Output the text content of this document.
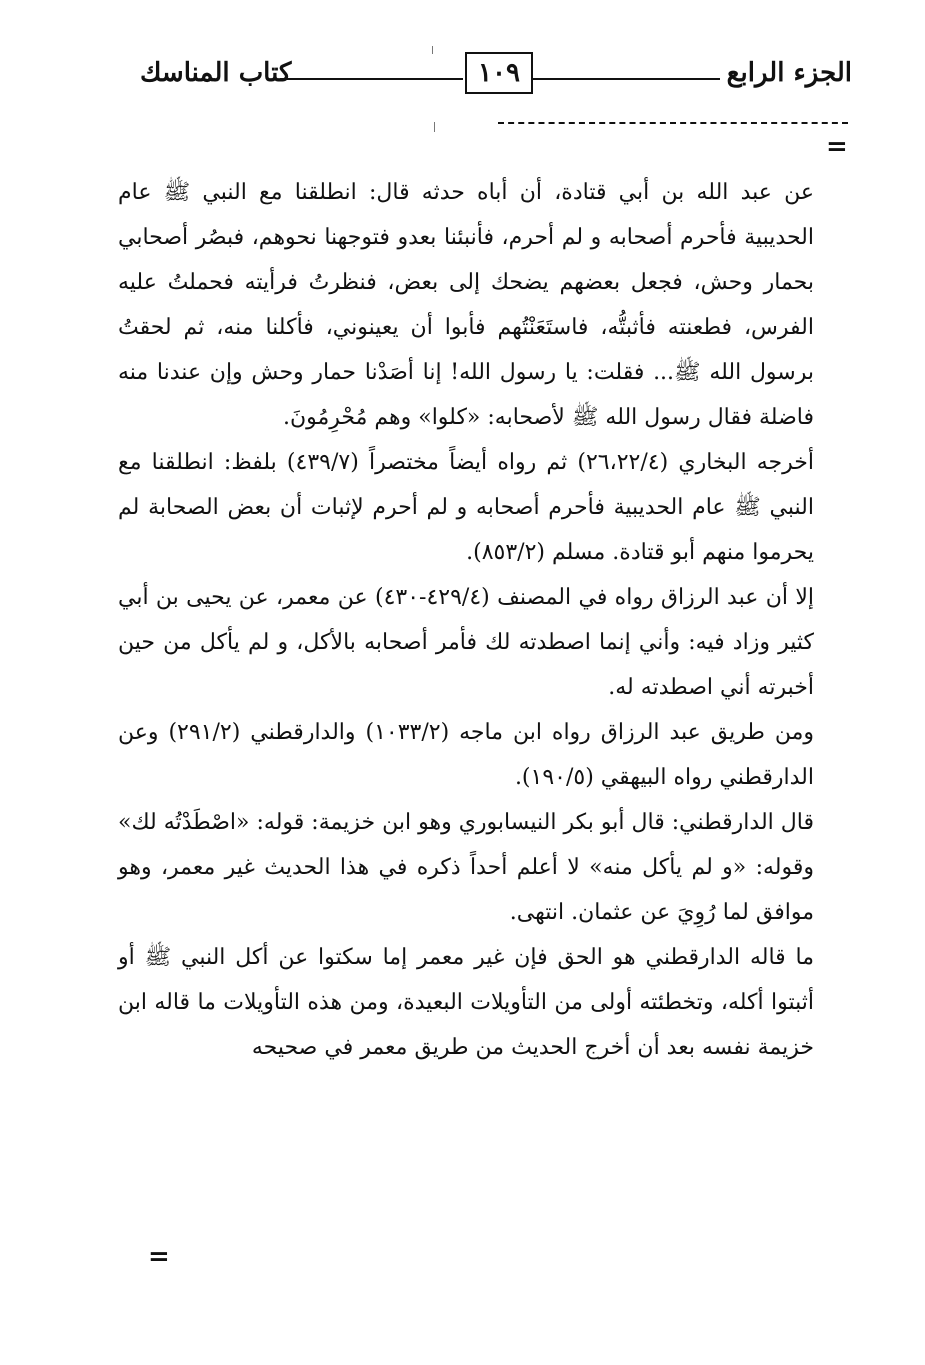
الجزء الرابع
١٠٩
كتاب المناسك
=

عن عبد الله بن أبي قتادة، أن أباه حدثه قال: انطلقنا مع النبي ﷺ عام الحديبية فأحرم أصحابه و لم أحرم، فأنبئنا بعدو فتوجهنا نحوهم، فبصُر أصحابي بحمار وحش، فجعل بعضهم يضحك إلى بعض، فنظرتُ فرأيته فحملتُ عليه الفرس، فطعنته فأثبتُّه، فاستَعَنْتُهم فأبوا أن يعينوني، فأكلنا منه، ثم لحقتُ برسول الله ﷺ... فقلت: يا رسول الله! إنا أصَدْنا حمار وحش وإن عندنا منه فاضلة فقال رسول الله ﷺ لأصحابه: «كلوا» وهم مُحْرِمُونَ.

أخرجه البخاري (٢٦،٢٢/٤) ثم رواه أيضاً مختصراً (٤٣٩/٧) بلفظ: انطلقنا مع النبي ﷺ عام الحديبية فأحرم أصحابه و لم أحرم لإثبات أن بعض الصحابة لم يحرموا منهم أبو قتادة. مسلم (٨٥٣/٢).

إلا أن عبد الرزاق رواه في المصنف (٤٢٩/٤-٤٣٠) عن معمر، عن يحيى بن أبي كثير وزاد فيه: وأني إنما اصطدته لك فأمر أصحابه بالأكل، و لم يأكل من حين أخبرته أني اصطدته له.

ومن طريق عبد الرزاق رواه ابن ماجه (١٠٣٣/٢) والدارقطني (٢٩١/٢) وعن الدارقطني رواه البيهقي (١٩٠/٥).

قال الدارقطني: قال أبو بكر النيسابوري وهو ابن خزيمة: قوله: «اصْطَدْتُه لك» وقوله: «و لم يأكل منه» لا أعلم أحداً ذكره في هذا الحديث غير معمر، وهو موافق لما رُوِيَ عن عثمان. انتهى.

ما قاله الدارقطني هو الحق فإن غير معمر إما سكتوا عن أكل النبي ﷺ أو أثبتوا أكله، وتخطئته أولى من التأويلات البعيدة، ومن هذه التأويلات ما قاله ابن خزيمة نفسه بعد أن أخرج الحديث من طريق معمر في صحيحه

=
